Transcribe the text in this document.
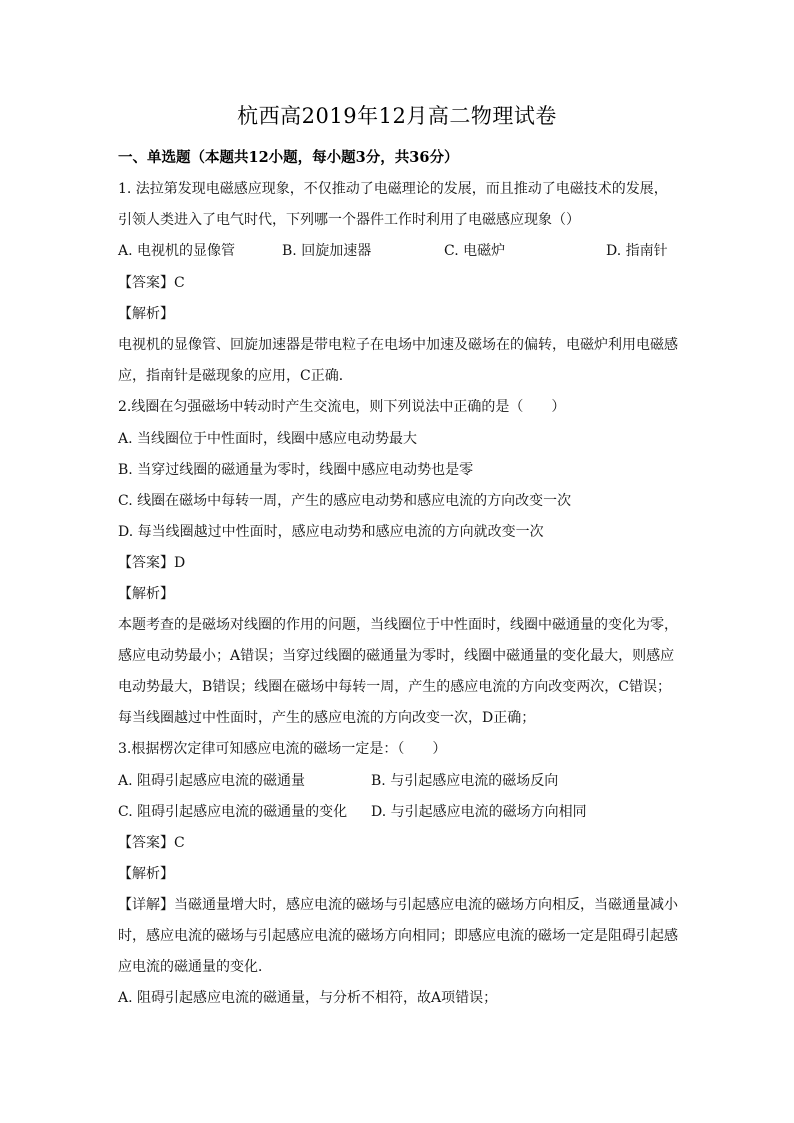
杭西高2019年12月高二物理试卷
一、单选题（本题共12小题，每小题3分，共36分）
1. 法拉第发现电磁感应现象，不仅推动了电磁理论的发展，而且推动了电磁技术的发展，
引领人类进入了电气时代，下列哪一个器件工作时利用了电磁感应现象（）
A. 电视机的显像管	B. 回旋加速器	C. 电磁炉	D. 指南针
【答案】C
【解析】
电视机的显像管、回旋加速器是带电粒子在电场中加速及磁场在的偏转，电磁炉利用电磁感
应，指南针是磁现象的应用，C正确．
2.线圈在匀强磁场中转动时产生交流电，则下列说法中正确的是（　　）
A. 当线圈位于中性面时，线圈中感应电动势最大
B. 当穿过线圈的磁通量为零时，线圈中感应电动势也是零
C. 线圈在磁场中每转一周，产生的感应电动势和感应电流的方向改变一次
D. 每当线圈越过中性面时，感应电动势和感应电流的方向就改变一次
【答案】D
【解析】
本题考查的是磁场对线圈的作用的问题，当线圈位于中性面时，线圈中磁通量的变化为零，
感应电动势最小；A错误；当穿过线圈的磁通量为零时，线圈中磁通量的变化最大，则感应
电动势最大，B错误；线圈在磁场中每转一周，产生的感应电流的方向改变两次，C错误；
每当线圈越过中性面时，产生的感应电流的方向改变一次，D正确；
3.根据楞次定律可知感应电流的磁场一定是：（　　）
A. 阻碍引起感应电流的磁通量	B. 与引起感应电流的磁场反向
C. 阻碍引起感应电流的磁通量的变化 D. 与引起感应电流的磁场方向相同
【答案】C
【解析】
【详解】当磁通量增大时，感应电流的磁场与引起感应电流的磁场方向相反，当磁通量减小
时，感应电流的磁场与引起感应电流的磁场方向相同；即感应电流的磁场一定是阻碍引起感
应电流的磁通量的变化．
A. 阻碍引起感应电流的磁通量，与分析不相符，故A项错误；
